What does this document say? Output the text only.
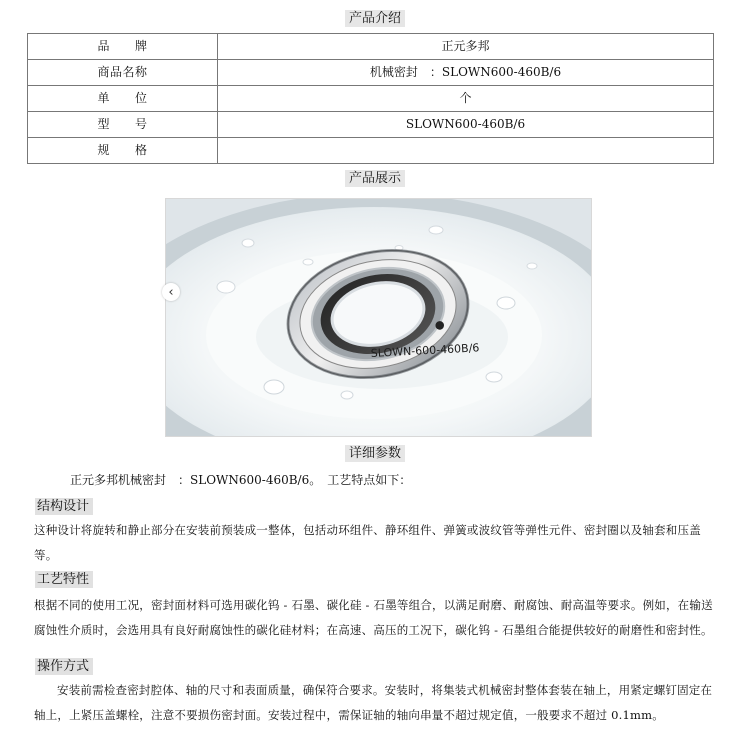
产品介绍
品　　牌	正元多邦
商品名称	机械密封　：SLOWN600-460B/6
单　　位	个
型　　号	SLOWN600-460B/6
规　　格	
产品展示
‹
SLOWN-600-460B/6
详细参数
正元多邦机械密封　：SLOWN600-460B/6。　工艺特点如下：
结构设计
这种设计将旋转和静止部分在安装前预装成一整体，包括动环组件、静环组件、弹簧或波纹管等弹性元件、密封圈以及轴套和压盖等。
工艺特性
根据不同的使用工况，密封面材料可选用碳化钨 - 石墨、碳化硅 - 石墨等组合，以满足耐磨、耐腐蚀、耐高温等要求。例如，在输送腐蚀性介质时，会选用具有良好耐腐蚀性的碳化硅材料；在高速、高压的工况下，碳化钨 - 石墨组合能提供较好的耐磨性和密封性。
操作方式
安装前需检查密封腔体、轴的尺寸和表面质量，确保符合要求。安装时，将集装式机械密封整体套装在轴上，用紧定螺钉固定在轴上，上紧压盖螺栓，注意不要损伤密封面。安装过程中，需保证轴的轴向串量不超过规定值，一般要求不超过 0.1mm。
